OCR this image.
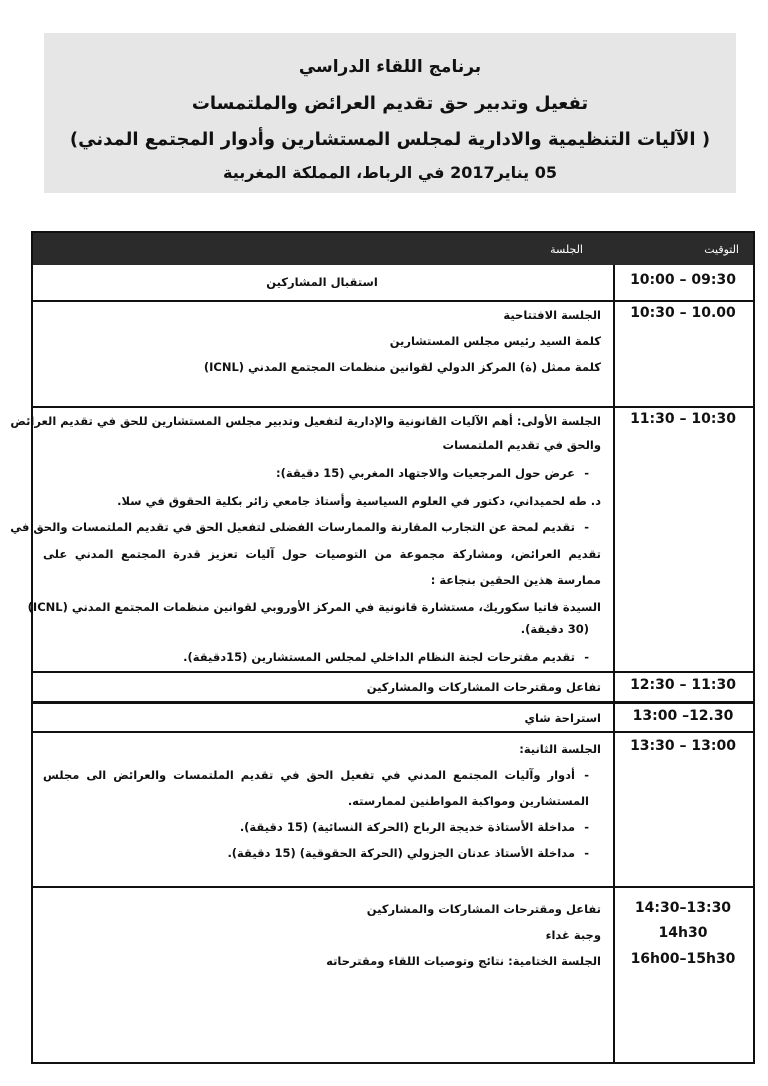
برنامج اللقاء الدراسي
تفعيل وتدبير حق تقديم العرائض والملتمسات
( الآليات التنظيمية والادارية لمجلس المستشارين وأدوار المجتمع المدني)
05 يناير2017 في الرباط، المملكة المغربية
التوقيت
الجلسة
10:00 – 09:30
استقبال المشاركين
10:30 – 10.00
الجلسة الافتتاحية
كلمة السيد رئيس مجلس المستشارين
كلمة ممثل (ة) المركز الدولي لقوانين منظمات المجتمع المدني (ICNL)
11:30 – 10:30
الجلسة الأولى: أهم الآليات القانونية والإدارية لتفعيل وتدبير مجلس المستشارين للحق في تقديم العرائض
والحق في تقديم الملتمسات
-عرض حول المرجعيات والاجتهاد المغربي (15 دقيقة):
د. طه لحميداني، دكتور في العلوم السياسية وأستاذ جامعي زائر بكلية الحقوق في سلا.
-تقديم لمحة عن التجارب المقارنة والممارسات الفضلى لتفعيل الحق في تقديم الملتمسات والحق في
تقديم العرائض، ومشاركة مجموعة من التوصيات حول آليات تعزيز قدرة المجتمع المدني على
ممارسة هذين الحقين بنجاعة :
السيدة فاتيا سكوريك، مستشارة قانونية في المركز الأوروبي لقوانين منظمات المجتمع المدني (ICNL)
(30 دقيقة).
-تقديم مقترحات لجنة النظام الداخلي لمجلس المستشارين (15دقيقة).
12:30 – 11:30
تفاعل ومقترحات المشاركات والمشاركين
13:00 –12.30
استراحة شاي
13:30 – 13:00
الجلسة الثانية:
-أدوار وآليات المجتمع المدني في تفعيل الحق في تقديم الملتمسات والعرائض الى مجلس
المستشارين ومواكبة المواطنين لممارسته.
-مداخلة الأستاذة خديجة الرباح (الحركة النسائية) (15 دقيقة).
-مداخلة الأستاذ عدنان الجزولي (الحركة الحقوقية) (15 دقيقة).
14:30–13:30
14h30
16h00–15h30
تفاعل ومقترحات المشاركات والمشاركين
وجبة غداء
الجلسة الختامية: نتائج وتوصيات اللقاء ومقترحاته
